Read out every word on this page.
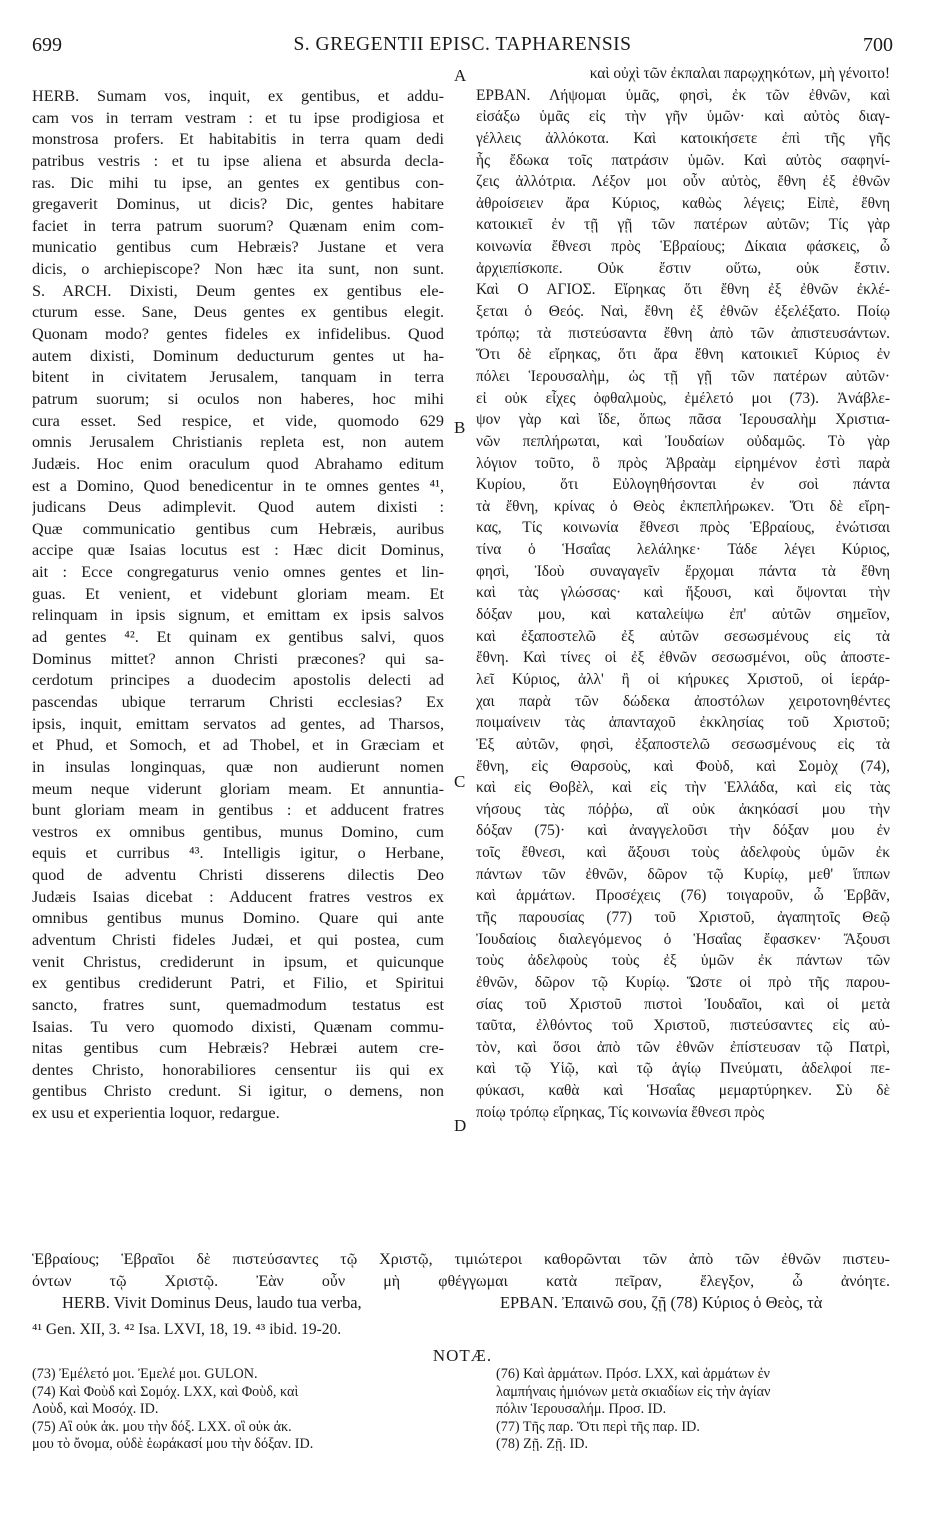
699	S. GREGENTII EPISC. TAPHARENSIS	700
A
B
C
D
HERB. Sumam vos, inquit, ex gentibus, et addu-
cam vos in terram vestram : et tu ipse prodigiosa et
monstrosa profers. Et habitabitis in terra quam dedi
patribus vestris : et tu ipse aliena et absurda decla-
ras. Dic mihi tu ipse, an gentes ex gentibus con-
gregaverit Dominus, ut dicis? Dic, gentes habitare
faciet in terra patrum suorum? Quænam enim com-
municatio gentibus cum Hebræis? Justane et vera
dicis, o archiepiscope? Non hæc ita sunt, non sunt.
S. ARCH. Dixisti, Deum gentes ex gentibus ele-
cturum esse. Sane, Deus gentes ex gentibus elegit.
Quonam modo? gentes fideles ex infidelibus. Quod
autem dixisti, Dominum deducturum gentes ut ha-
bitent in civitatem Jerusalem, tanquam in terra
patrum suorum; si oculos non haberes, hoc mihi
cura esset. Sed respice, et vide, quomodo 629
omnis Jerusalem Christianis repleta est, non autem
Judæis. Hoc enim oraculum quod Abrahamo editum
est a Domino, Quod benedicentur in te omnes gentes ⁴¹,
judicans Deus adimplevit. Quod autem dixisti :
Quæ communicatio gentibus cum Hebræis, auribus
accipe quæ Isaias locutus est : Hæc dicit Dominus,
ait : Ecce congregaturus venio omnes gentes et lin-
guas. Et venient, et videbunt gloriam meam. Et
relinquam in ipsis signum, et emittam ex ipsis salvos
ad gentes ⁴². Et quinam ex gentibus salvi, quos
Dominus mittet? annon Christi præcones? qui sa-
cerdotum principes a duodecim apostolis delecti ad
pascendas ubique terrarum Christi ecclesias? Ex
ipsis, inquit, emittam servatos ad gentes, ad Tharsos,
et Phud, et Somoch, et ad Thobel, et in Græciam et
in insulas longinquas, quæ non audierunt nomen
meum neque viderunt gloriam meam. Et annuntia-
bunt gloriam meam in gentibus : et adducent fratres
vestros ex omnibus gentibus, munus Domino, cum
equis et curribus ⁴³. Intelligis igitur, o Herbane,
quod de adventu Christi disserens dilectis Deo
Judæis Isaias dicebat : Adducent fratres vestros ex
omnibus gentibus munus Domino. Quare qui ante
adventum Christi fideles Judæi, et qui postea, cum
venit Christus, crediderunt in ipsum, et quicunque
ex gentibus crediderunt Patri, et Filio, et Spiritui
sancto, fratres sunt, quemadmodum testatus est
Isaias. Tu vero quomodo dixisti, Quænam commu-
nitas gentibus cum Hebræis? Hebræi autem cre-
dentes Christo, honorabiliores censentur iis qui ex
gentibus Christo credunt. Si igitur, o demens, non
ex usu et experientia loquor, redargue.
καὶ οὐχὶ τῶν ἐκπαλαι παρῳχηκότων, μὴ γένοιτο!
ΕΡΒΑΝ. Λήψομαι ὑμᾶς, φησὶ, ἐκ τῶν ἐθνῶν, καὶ
εἰσάξω ὑμᾶς εἰς τὴν γῆν ὑμῶν· καὶ αὐτὸς διαγ-
γέλλεις ἀλλόκοτα. Καὶ κατοικήσετε ἐπὶ τῆς γῆς
ἧς ἔδωκα τοῖς πατράσιν ὑμῶν. Καὶ αὐτὸς σαφηνί-
ζεις ἀλλότρια. Λέξον μοι οὖν αὐτὸς, ἔθνη ἐξ ἐθνῶν
ἀθροίσειεν ἄρα Κύριος, καθὼς λέγεις; Εἰπὲ, ἔθνη
κατοικιεῖ ἐν τῇ γῇ τῶν πατέρων αὐτῶν; Τίς γὰρ
κοινωνία ἔθνεσι πρὸς Ἑβραίους; Δίκαια φάσκεις, ὦ
ἀρχιεπίσκοπε. Οὐκ ἔστιν οὕτω, οὐκ ἔστιν.
Καὶ Ο ΑΓΙΟΣ. Εἴρηκας ὅτι ἔθνη ἐξ ἐθνῶν ἐκλέ-
ξεται ὁ Θεός. Ναὶ, ἔθνη ἐξ ἐθνῶν ἐξελέξατο. Ποίῳ
τρόπῳ; τὰ πιστεύσαντα ἔθνη ἀπὸ τῶν ἀπιστευσάντων.
Ὅτι δὲ εἴρηκας, ὅτι ἄρα ἔθνη κατοικιεῖ Κύριος ἐν
πόλει Ἱερουσαλὴμ, ὡς τῇ γῇ τῶν πατέρων αὐτῶν·
εἰ οὐκ εἶχες ὀφθαλμοὺς, ἐμέλετό μοι (73). Ἀνάβλε-
ψον γὰρ καὶ ἴδε, ὅπως πᾶσα Ἱερουσαλὴμ Χριστια-
νῶν πεπλήρωται, καὶ Ἰουδαίων οὐδαμῶς. Τὸ γὰρ
λόγιον τοῦτο, ὃ πρὸς Ἀβραὰμ εἰρημένον ἐστὶ παρὰ
Κυρίου, ὅτι Εὐλογηθήσονται ἐν σοὶ πάντα
τὰ ἔθνη, κρίνας ὁ Θεὸς ἐκπεπλήρωκεν. Ὅτι δὲ εἴρη-
κας, Τίς κοινωνία ἔθνεσι πρὸς Ἑβραίους, ἐνώτισαι
τίνα ὁ Ἡσαΐας λελάληκε· Τάδε λέγει Κύριος,
φησὶ, Ἰδοὺ συναγαγεῖν ἔρχομαι πάντα τὰ ἔθνη
καὶ τὰς γλώσσας· καὶ ἥξουσι, καὶ ὄψονται τὴν
δόξαν μου, καὶ καταλείψω ἐπ' αὐτῶν σημεῖον,
καὶ ἐξαποστελῶ ἐξ αὐτῶν σεσωσμένους εἰς τὰ
ἔθνη. Καὶ τίνες οἱ ἐξ ἐθνῶν σεσωσμένοι, οὓς ἀποστε-
λεῖ Κύριος, ἀλλ' ἢ οἱ κήρυκες Χριστοῦ, οἱ ἱεράρ-
χαι παρὰ τῶν δώδεκα ἀποστόλων χειροτονηθέντες
ποιμαίνειν τὰς ἁπανταχοῦ ἐκκλησίας τοῦ Χριστοῦ;
Ἐξ αὐτῶν, φησὶ, ἐξαποστελῶ σεσωσμένους εἰς τὰ
ἔθνη, εἰς Θαρσοὺς, καὶ Φοὺδ, καὶ Σομὸχ (74),
καὶ εἰς Θοβὲλ, καὶ εἰς τὴν Ἑλλάδα, καὶ εἰς τὰς
νήσους τὰς πόῤῥω, αἳ οὐκ ἀκηκόασί μου τὴν
δόξαν (75)· καὶ ἀναγγελοῦσι τὴν δόξαν μου ἐν
τοῖς ἔθνεσι, καὶ ἄξουσι τοὺς ἀδελφοὺς ὑμῶν ἐκ
πάντων τῶν ἐθνῶν, δῶρον τῷ Κυρίῳ, μεθ' ἵππων
καὶ ἁρμάτων. Προσέχεις (76) τοιγαροῦν, ὦ Ἑρβᾶν,
τῆς παρουσίας (77) τοῦ Χριστοῦ, ἀγαπητοῖς Θεῷ
Ἰουδαίοις διαλεγόμενος ὁ Ἡσαΐας ἔφασκεν· Ἄξουσι
τοὺς ἀδελφοὺς τοὺς ἐξ ὑμῶν ἐκ πάντων τῶν
ἐθνῶν, δῶρον τῷ Κυρίῳ. Ὥστε οἱ πρὸ τῆς παρου-
σίας τοῦ Χριστοῦ πιστοὶ Ἰουδαῖοι, καὶ οἱ μετὰ
ταῦτα, ἐλθόντος τοῦ Χριστοῦ, πιστεύσαντες εἰς αὐ-
τὸν, καὶ ὅσοι ἀπὸ τῶν ἐθνῶν ἐπίστευσαν τῷ Πατρὶ,
καὶ τῷ Υἱῷ, καὶ τῷ ἁγίῳ Πνεύματι, ἀδελφοί πε-
φύκασι, καθὰ καὶ Ἡσαΐας μεμαρτύρηκεν. Σὺ δὲ
ποίῳ τρόπῳ εἴρηκας, Τίς κοινωνία ἔθνεσι πρὸς
Ἑβραίους; Ἑβραῖοι δὲ πιστεύσαντες τῷ Χριστῷ, τιμιώτεροι καθορῶνται τῶν ἀπὸ τῶν ἐθνῶν πιστευ-
όντων τῷ Χριστῷ. Ἐὰν οὖν μὴ φθέγγωμαι κατὰ πεῖραν, ἔλεγξον, ὦ ἀνόητε.
HERB. Vivit Dominus Deus, laudo tua verba,	ΕΡΒΑΝ. Ἐπαινῶ σου, ζῇ (78) Κύριος ὁ Θεὸς, τὰ
⁴¹ Gen. XII, 3. ⁴² Isa. LXVI, 18, 19. ⁴³ ibid. 19-20.
NOTÆ.
(73) Ἐμέλετό μοι. Ἐμελέ μοι. GULON.
(74) Καὶ Φοὺδ καὶ Σομόχ. LXX, καὶ Φοὺδ, καὶ
Λοὺδ, καὶ Μοσόχ. ID.
(75) Αἳ οὐκ ἀκ. μου τὴν δόξ. LXX. οἳ οὐκ ἀκ.
μου τὸ ὄνομα, οὐδὲ ἑωράκασί μου τὴν δόξαν. ID.
(76) Καὶ ἁρμάτων. Πρόσ. LXX, καὶ ἁρμάτων ἐν
λαμπήναις ἡμιόνων μετὰ σκιαδίων εἰς τὴν ἁγίαν
πόλιν Ἱερουσαλήμ. Προσ. ID.
(77) Τῆς παρ. Ὅτι περὶ τῆς παρ. ID.
(78) Ζῇ. Ζῇ. ID.
